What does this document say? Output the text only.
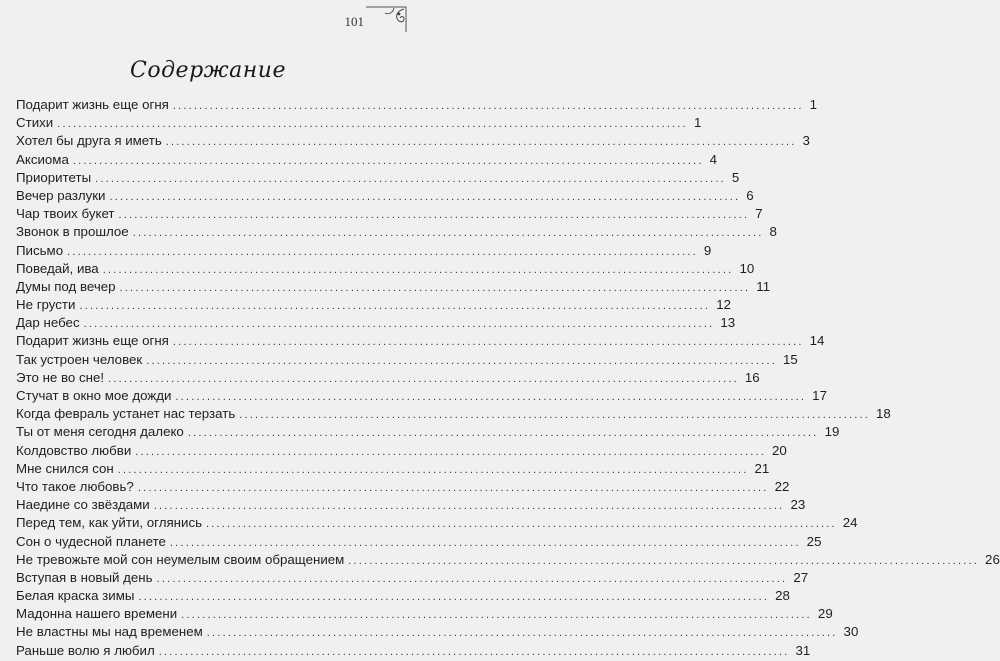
101
Содержание
Подарит жизнь еще огня ........................................................................................................................ 1
Стихи ........................................................................................................................ 1
Хотел бы друга я иметь ........................................................................................................................ 3
Аксиома ........................................................................................................................ 4
Приоритеты ........................................................................................................................ 5
Вечер разлуки ........................................................................................................................ 6
Чар твоих букет ........................................................................................................................ 7
Звонок в прошлое ........................................................................................................................ 8
Письмо ........................................................................................................................ 9
Поведай, ива ........................................................................................................................ 10
Думы под вечер ........................................................................................................................ 11
Не грусти ........................................................................................................................ 12
Дар небес ........................................................................................................................ 13
Подарит жизнь еще огня ........................................................................................................................ 14
Так устроен человек ........................................................................................................................ 15
Это не во сне! ........................................................................................................................ 16
Стучат в окно мое дожди ........................................................................................................................ 17
Когда февраль устанет нас терзать ........................................................................................................................ 18
Ты от меня сегодня далеко ........................................................................................................................ 19
Колдовство любви ........................................................................................................................ 20
Мне снился сон ........................................................................................................................ 21
Что такое любовь? ........................................................................................................................ 22
Наедине со звёздами ........................................................................................................................ 23
Перед тем, как уйти, оглянись ........................................................................................................................ 24
Сон о чудесной планете ........................................................................................................................ 25
Не тревожьте мой сон неумелым своим обращением ........................................................................................................................ 26
Вступая в новый день ........................................................................................................................ 27
Белая краска зимы ........................................................................................................................ 28
Мадонна нашего времени ........................................................................................................................ 29
Не властны мы над временем ........................................................................................................................ 30
Раньше волю я любил ........................................................................................................................ 31
